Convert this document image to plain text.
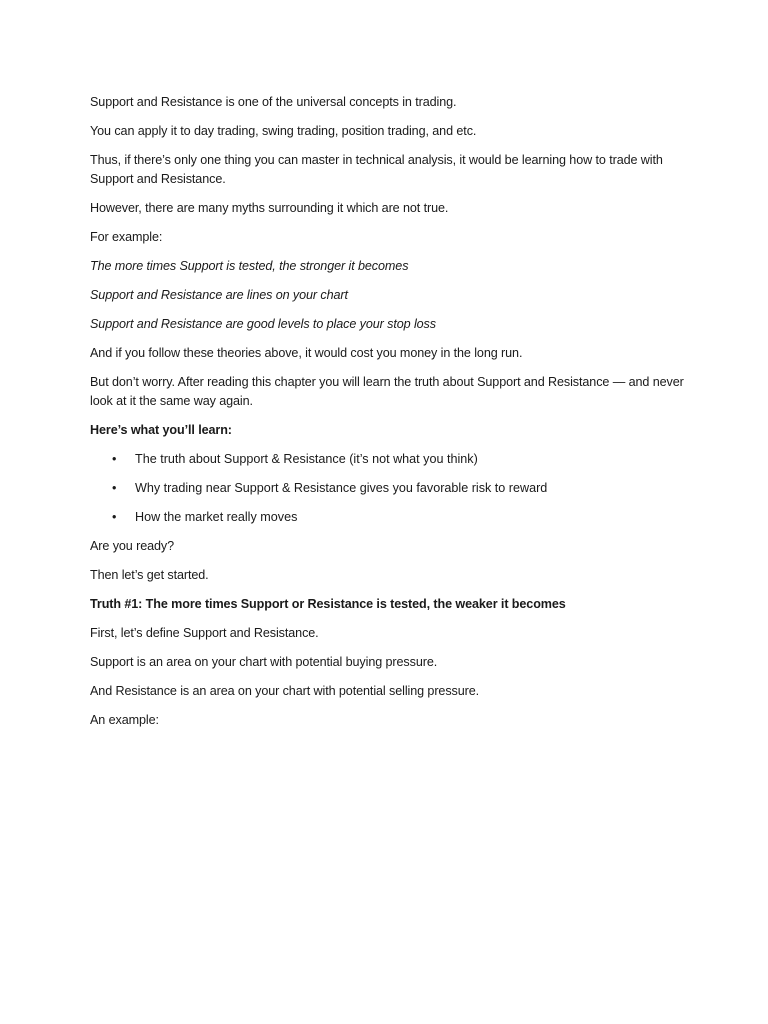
Support and Resistance is one of the universal concepts in trading.

You can apply it to day trading, swing trading, position trading, and etc.

Thus, if there’s only one thing you can master in technical analysis, it would be learning how to trade with Support and Resistance.

However, there are many myths surrounding it which are not true.

For example:

The more times Support is tested, the stronger it becomes

Support and Resistance are lines on your chart

Support and Resistance are good levels to place your stop loss

And if you follow these theories above, it would cost you money in the long run.

But don’t worry. After reading this chapter you will learn the truth about Support and Resistance — and never look at it the same way again.

Here’s what you’ll learn:

• The truth about Support & Resistance (it’s not what you think)
• Why trading near Support & Resistance gives you favorable risk to reward
• How the market really moves

Are you ready?

Then let’s get started.

Truth #1: The more times Support or Resistance is tested, the weaker it becomes

First, let’s define Support and Resistance.

Support is an area on your chart with potential buying pressure.

And Resistance is an area on your chart with potential selling pressure.

An example:
